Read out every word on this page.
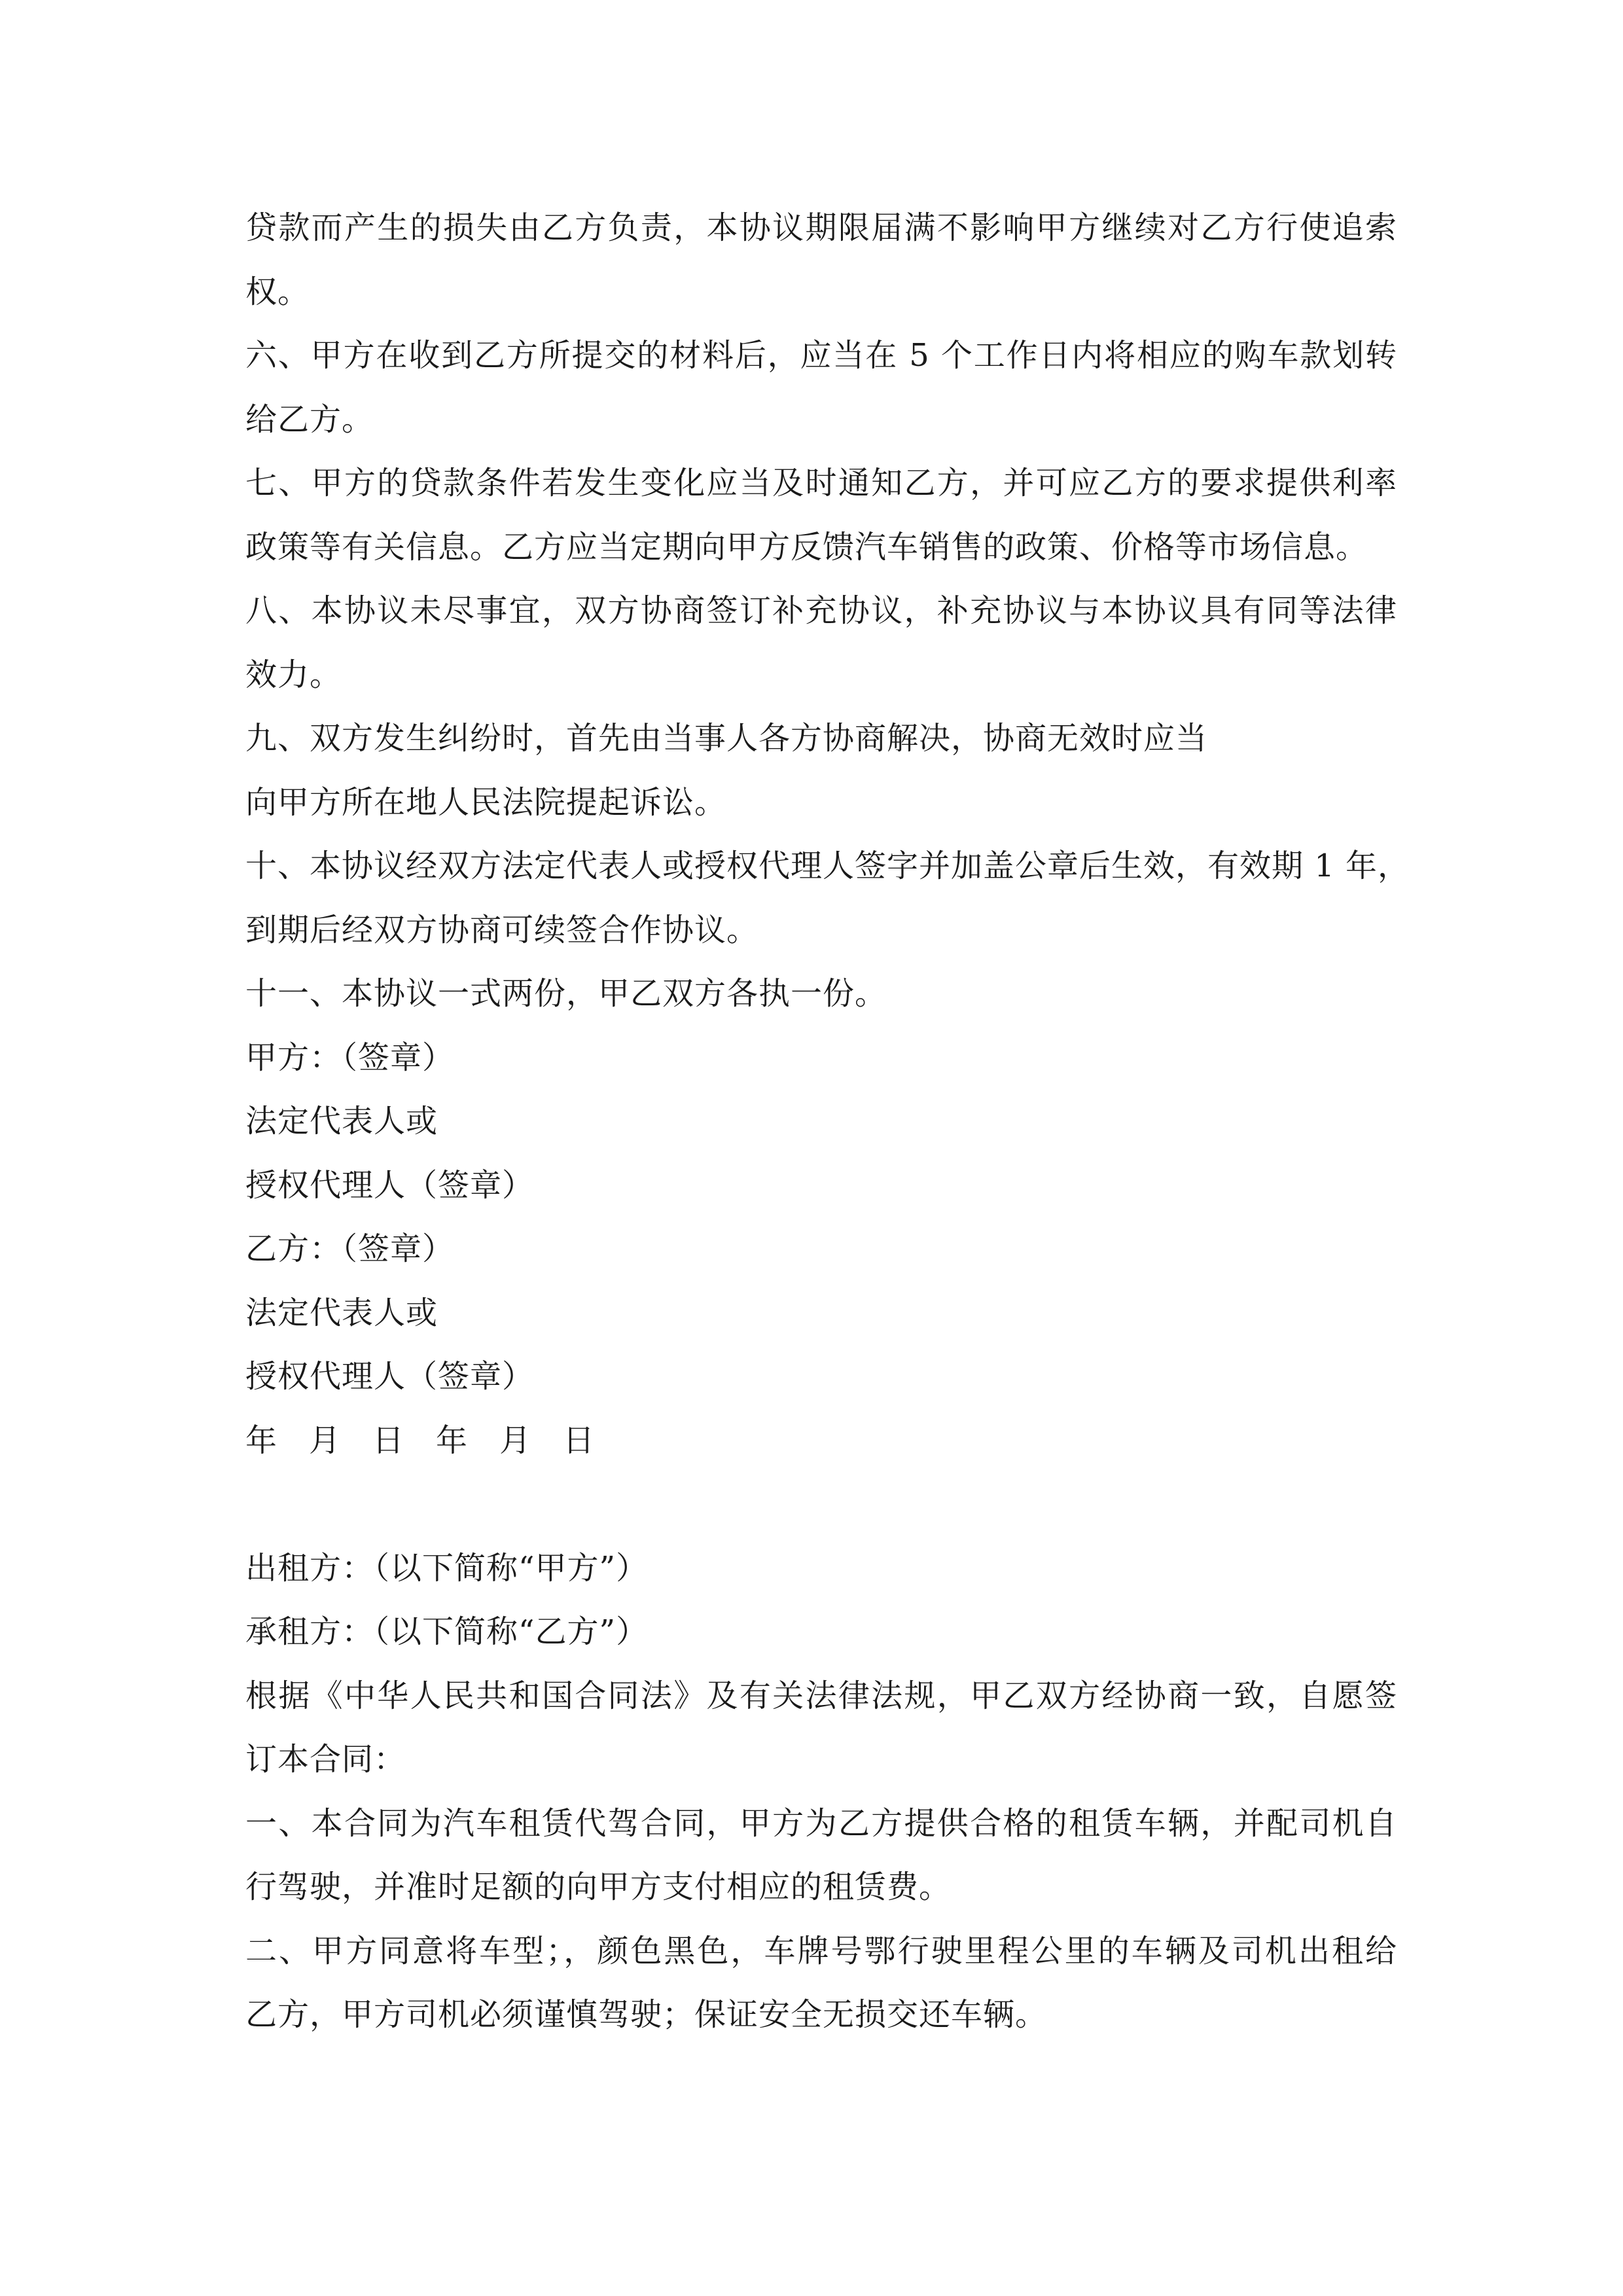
贷款而产生的损失由乙方负责，本协议期限届满不影响甲方继续对乙方行使追索
权。
六、甲方在收到乙方所提交的材料后，应当在 5 个工作日内将相应的购车款划转
给乙方。
七、甲方的贷款条件若发生变化应当及时通知乙方，并可应乙方的要求提供利率
政策等有关信息。乙方应当定期向甲方反馈汽车销售的政策、价格等市场信息。
八、本协议未尽事宜，双方协商签订补充协议，补充协议与本协议具有同等法律
效力。
九、双方发生纠纷时，首先由当事人各方协商解决，协商无效时应当
向甲方所在地人民法院提起诉讼。
十、本协议经双方法定代表人或授权代理人签字并加盖公章后生效，有效期 1 年，
到期后经双方协商可续签合作协议。
十一、本协议一式两份，甲乙双方各执一份。
甲方：（签章）
法定代表人或
授权代理人（签章）
乙方：（签章）
法定代表人或
授权代理人（签章）
年 月 日 年 月 日
出租方：（以下简称“甲方”）
承租方：（以下简称“乙方”）
根据《中华人民共和国合同法》及有关法律法规，甲乙双方经协商一致，自愿签
订本合同：
一、本合同为汽车租赁代驾合同，甲方为乙方提供合格的租赁车辆，并配司机自
行驾驶，并准时足额的向甲方支付相应的租赁费。
二、甲方同意将车型；，颜色黑色，车牌号鄂行驶里程公里的车辆及司机出租给
乙方，甲方司机必须谨慎驾驶；保证安全无损交还车辆。
